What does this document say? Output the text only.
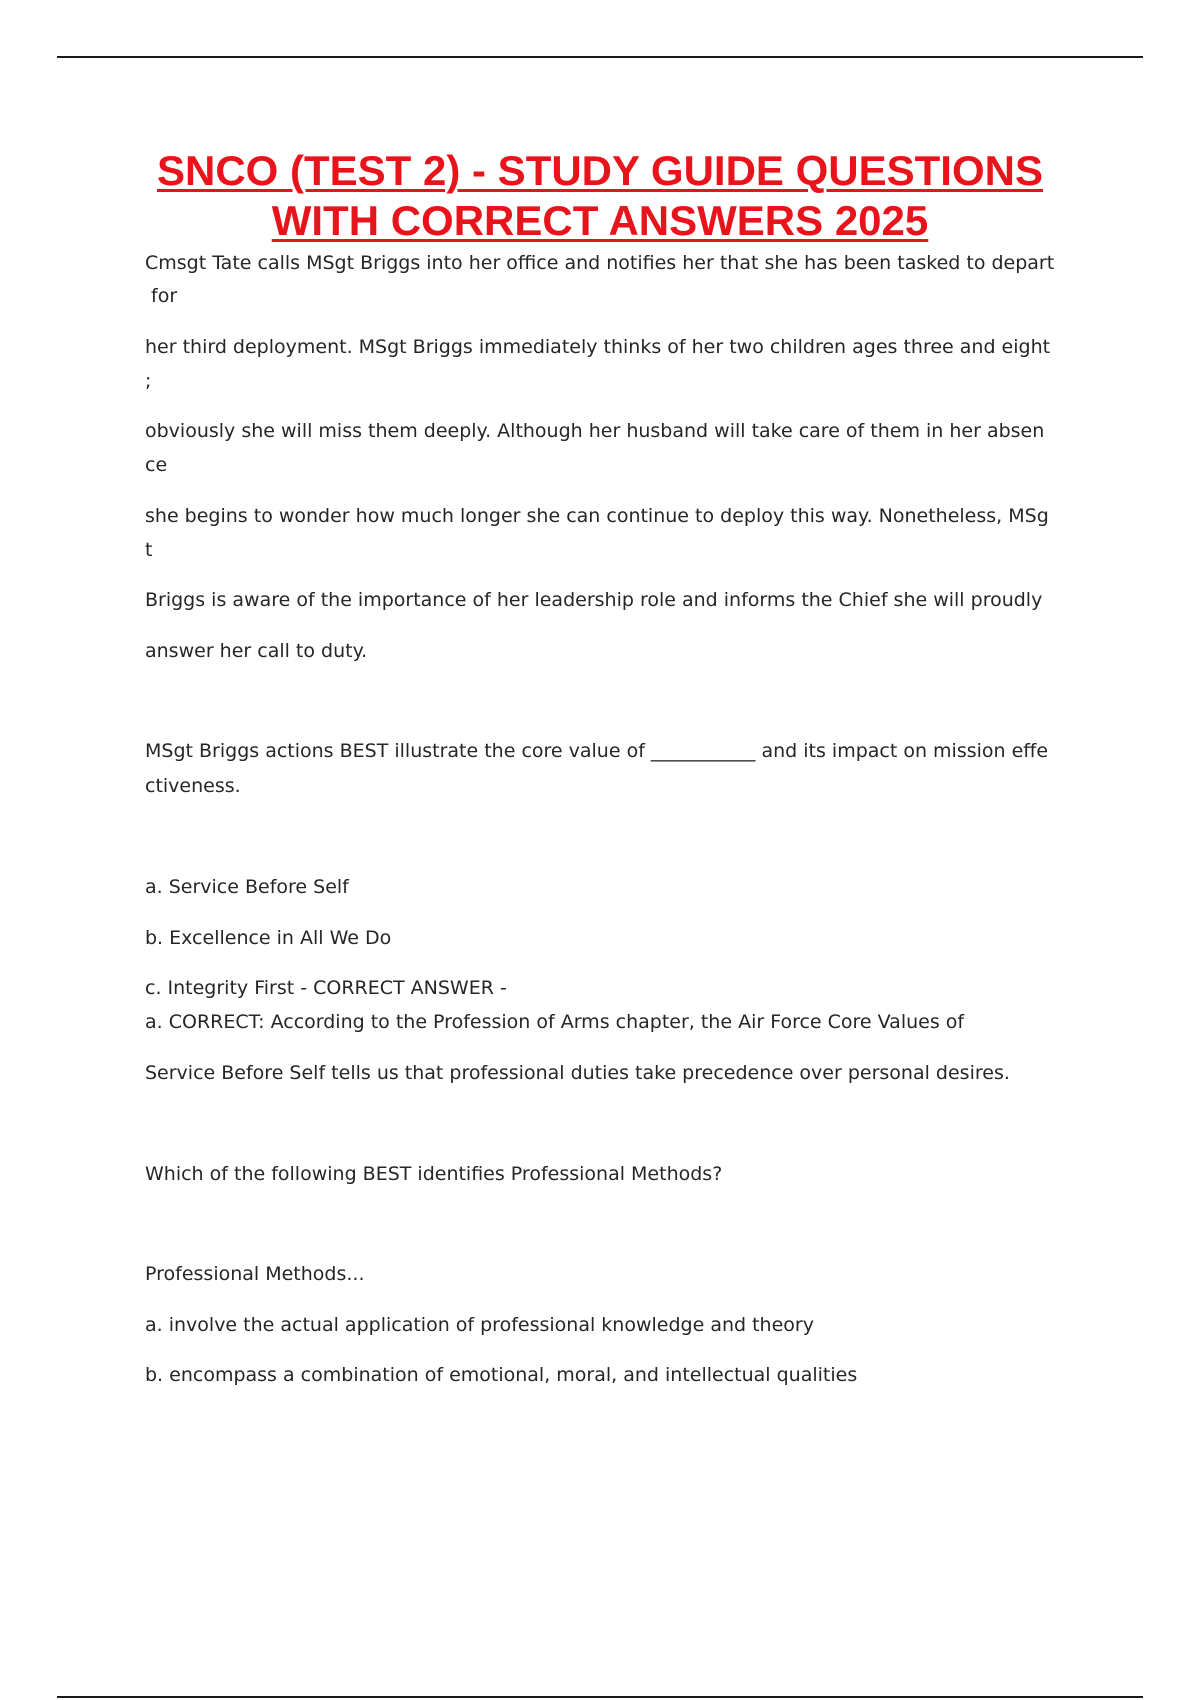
SNCO (TEST 2) - STUDY GUIDE QUESTIONS
WITH CORRECT ANSWERS 2025
Cmsgt Tate calls MSgt Briggs into her office and notifies her that she has been tasked to depart
for
her third deployment. MSgt Briggs immediately thinks of her two children ages three and eight
;
obviously she will miss them deeply. Although her husband will take care of them in her absen
ce
she begins to wonder how much longer she can continue to deploy this way. Nonetheless, MSg
t
Briggs is aware of the importance of her leadership role and informs the Chief she will proudly
answer her call to duty.
MSgt Briggs actions BEST illustrate the core value of ___________ and its impact on mission effe
ctiveness.
a. Service Before Self
b. Excellence in All We Do
c. Integrity First - CORRECT ANSWER -
a. CORRECT: According to the Profession of Arms chapter, the Air Force Core Values of
Service Before Self tells us that professional duties take precedence over personal desires.
Which of the following BEST identifies Professional Methods?
Professional Methods...
a. involve the actual application of professional knowledge and theory
b. encompass a combination of emotional, moral, and intellectual qualities
